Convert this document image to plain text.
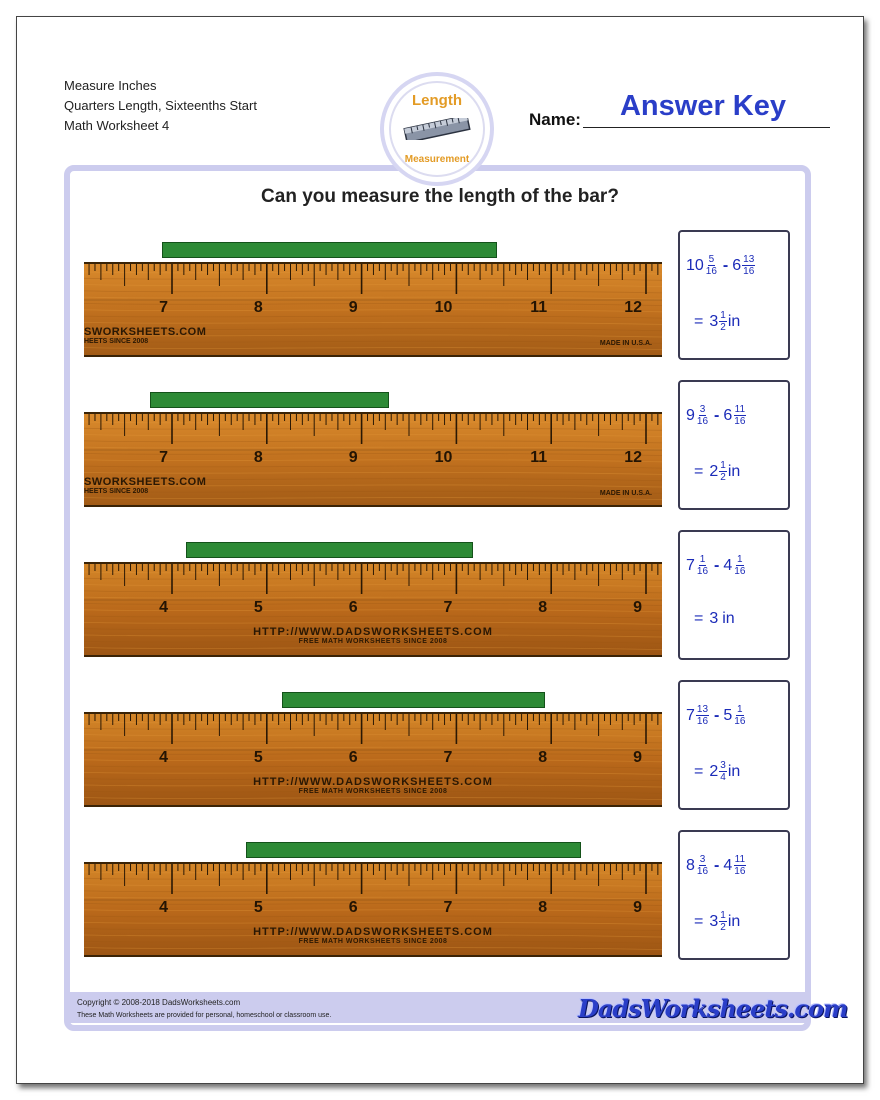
Measure Inches
Quarters Length, Sixteenths Start
Math Worksheet 4	Name:	Answer Key
Length
Measurement
Can you measure the length of the bar?
7	8	9	10	11	12
MADE IN U.S.A.
SWORKSHEETS.COM
HEETS SINCE 2008
$10 \frac{5}{16} - 6 \frac{13}{16}$
= $3 \frac{1}{2}$ in
7	8	9	10	11	12
MADE IN U.S.A.
SWORKSHEETS.COM
HEETS SINCE 2008
$9 \frac{3}{16} - 6 \frac{11}{16}$
= $2 \frac{1}{2}$ in
4	5	6	7	8	9
HTTP://WWW.DADSWORKSHEETS.COM
FREE MATH WORKSHEETS SINCE 2008
$7 \frac{1}{16} - 4 \frac{1}{16}$
= 3 in
4	5	6	7	8	9
HTTP://WWW.DADSWORKSHEETS.COM
FREE MATH WORKSHEETS SINCE 2008
$7 \frac{13}{16} - 5 \frac{1}{16}$
= $2 \frac{3}{4}$ in
4	5	6	7	8	9
HTTP://WWW.DADSWORKSHEETS.COM
FREE MATH WORKSHEETS SINCE 2008
$8 \frac{3}{16} - 4 \frac{11}{16}$
= $3 \frac{1}{2}$ in
Copyright © 2008-2018 DadsWorksheets.com
These Math Worksheets are provided for personal, homeschool or classroom use.	DadsWorksheets.com
